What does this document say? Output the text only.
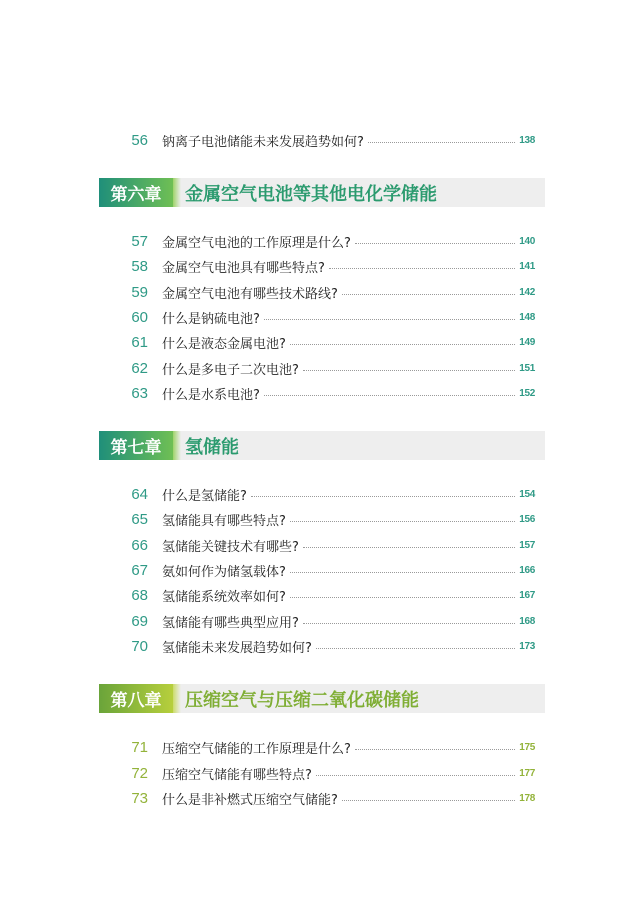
56 钠离子电池储能未来发展趋势如何?	138
第六章	金属空气电池等其他电化学储能
57 金属空气电池的工作原理是什么?	140
58 金属空气电池具有哪些特点?	141
59 金属空气电池有哪些技术路线?	142
60 什么是钠硫电池?	148
61 什么是液态金属电池?	149
62 什么是多电子二次电池?	151
63 什么是水系电池?	152
第七章	氢储能
64 什么是氢储能?	154
65 氢储能具有哪些特点?	156
66 氢储能关键技术有哪些?	157
67 氨如何作为储氢载体?	166
68 氢储能系统效率如何?	167
69 氢储能有哪些典型应用?	168
70 氢储能未来发展趋势如何?	173
第八章	压缩空气与压缩二氧化碳储能
71 压缩空气储能的工作原理是什么?	175
72 压缩空气储能有哪些特点?	177
73 什么是非补燃式压缩空气储能?	178
